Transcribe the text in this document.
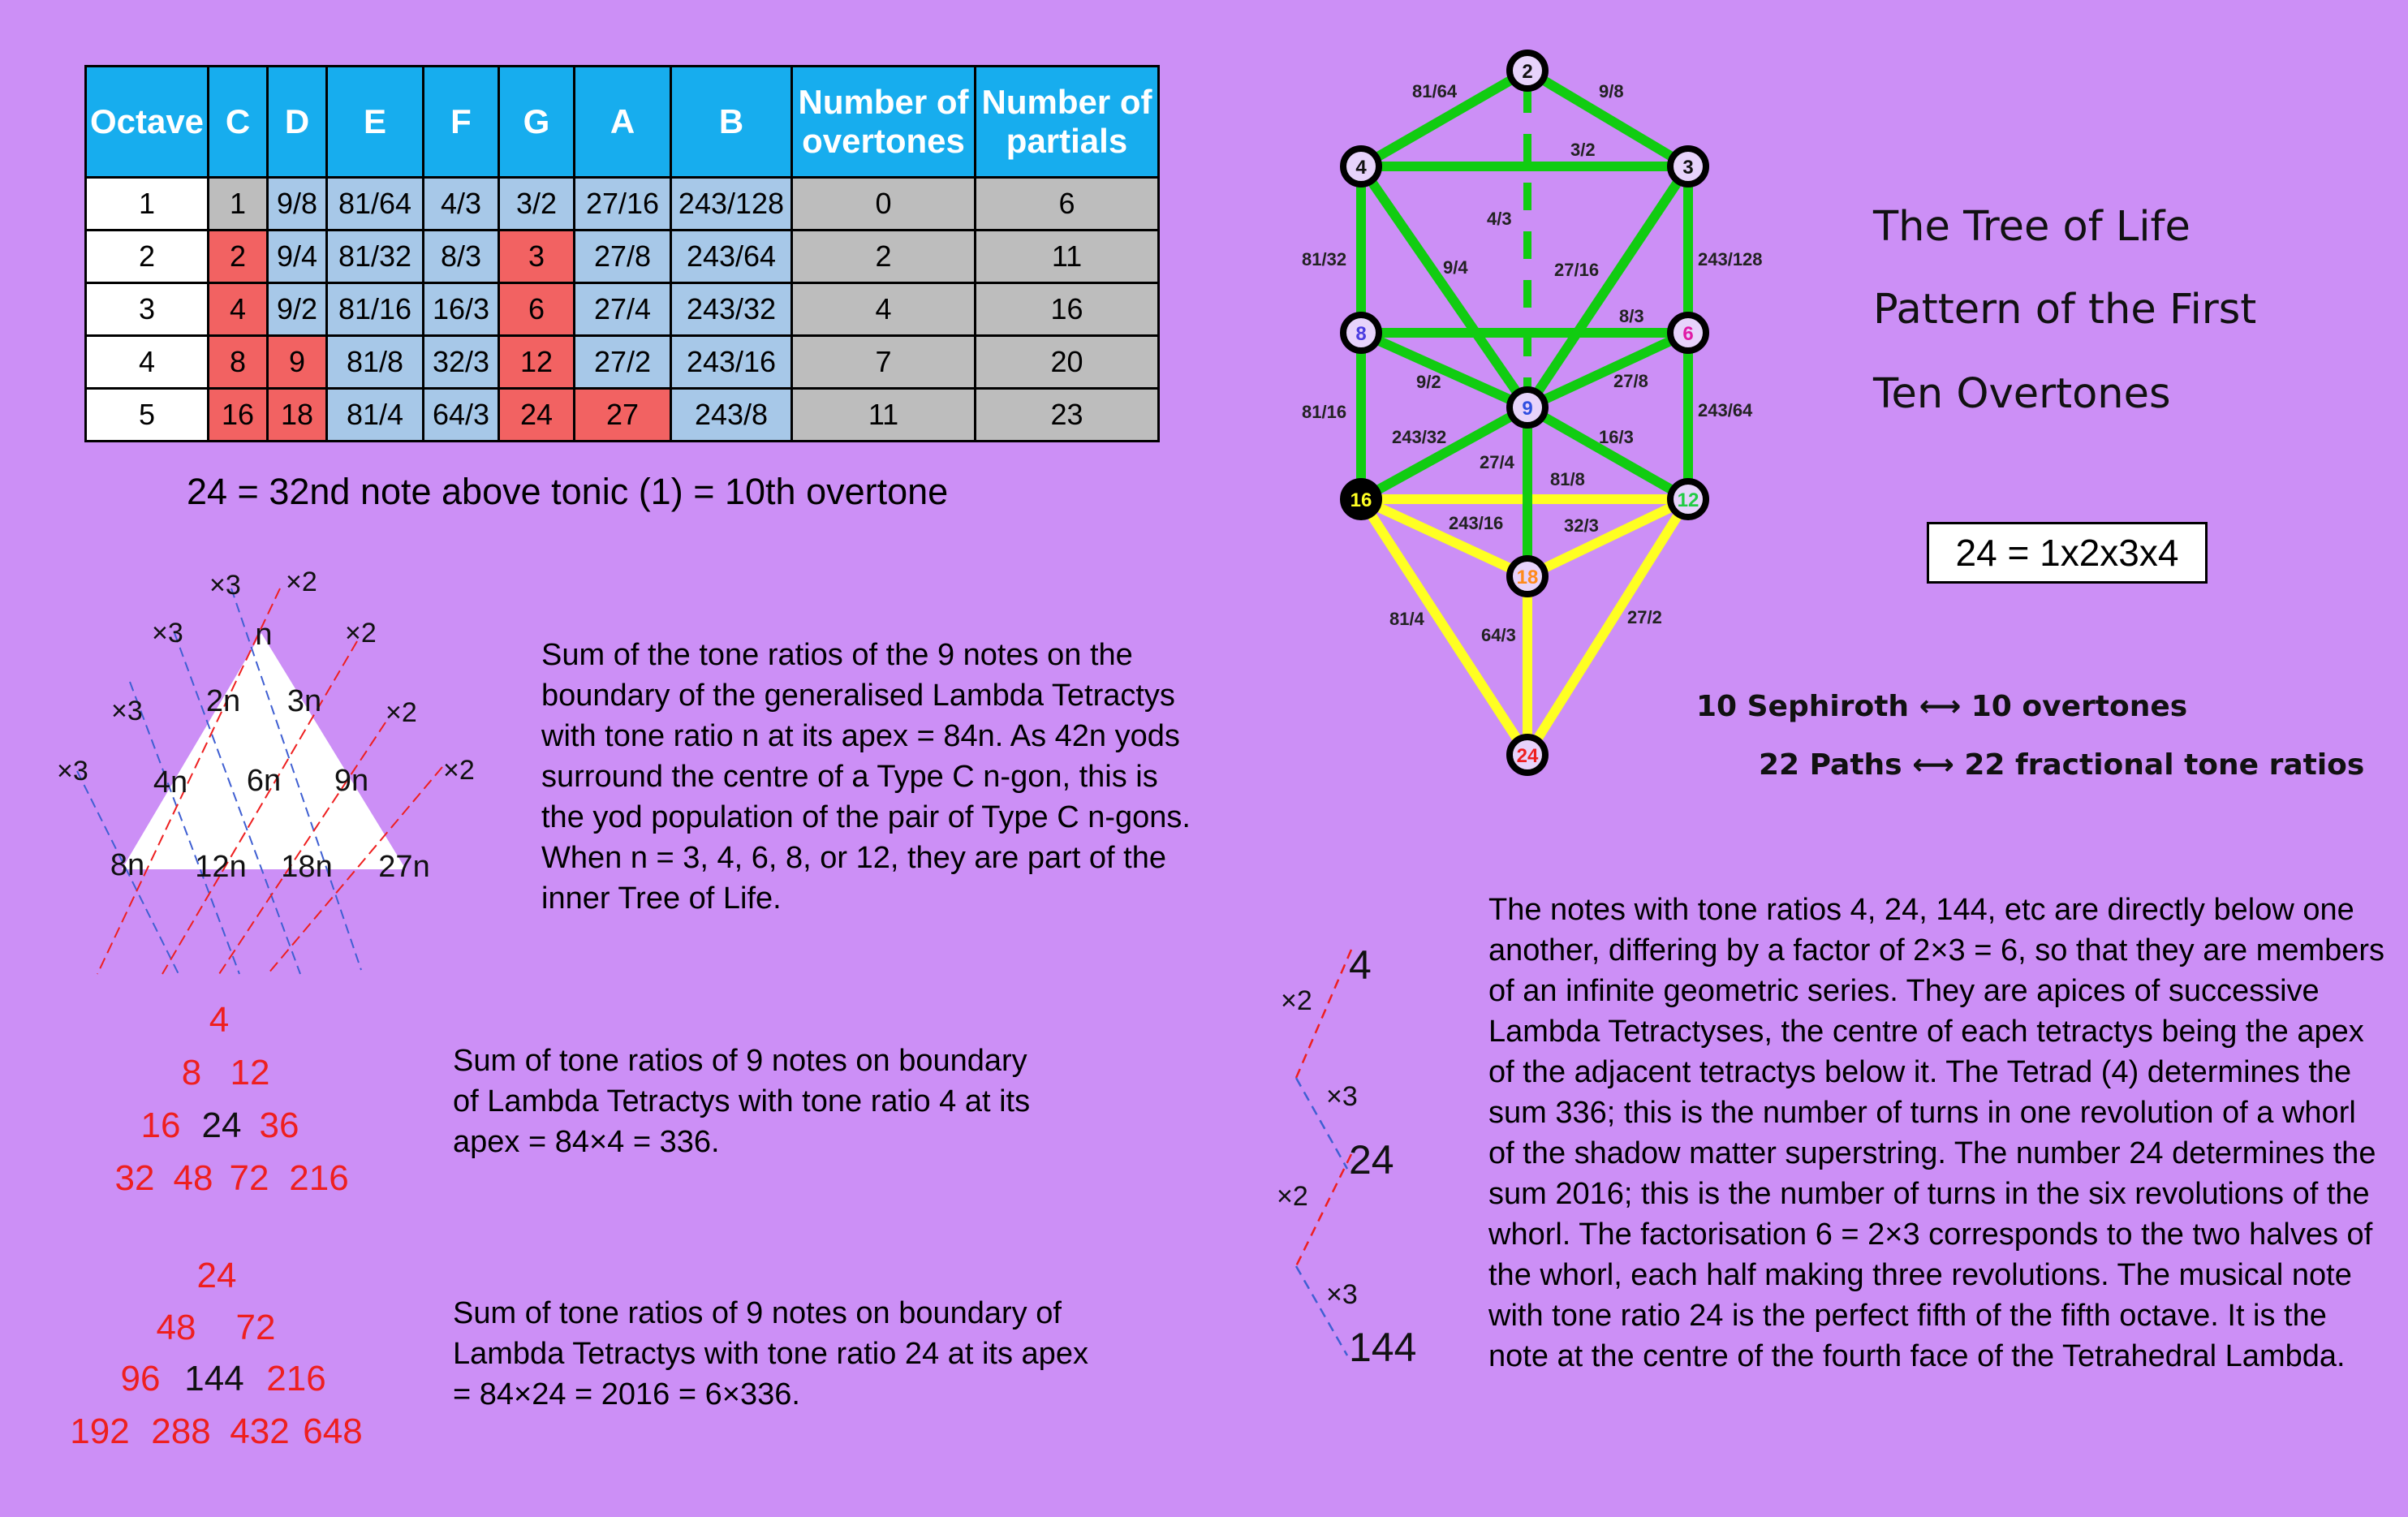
Octave	C	D	E	F	G	A	B	Number of overtones	Number of partials
1	1	9/8	81/64	4/3	3/2	27/16	243/128	0	6
2	2	9/4	81/32	8/3	3	27/8	243/64	2	11
3	4	9/2	81/16	16/3	6	27/4	243/32	4	16
4	8	9	81/8	32/3	12	27/2	243/16	7	20
5	16	18	81/4	64/3	24	27	243/8	11	23
24 = 32nd note above tonic (1) = 10th overtone
×3 ×2
×3	×2
×3	×2
×3	×2
n
2n 3n
4n 6n 9n
8n 12n 18n 27n

Sum of the tone ratios of the 9 notes on the boundary of the generalised Lambda Tetractys with tone ratio n at its apex = 84n. As 42n yods surround the centre of a Type C n-gon, this is the yod population of the pair of Type C n-gons. When n = 3, 4, 6, 8, or 12, they are part of the inner Tree of Life.

4
8 12
16 24 36
32 48 72 216

Sum of tone ratios of 9 notes on boundary of Lambda Tetractys with tone ratio 4 at its apex = 84×4 = 336.

24
48 72
96 144 216
192 288 432 648

Sum of tone ratios of 9 notes on boundary of Lambda Tetractys with tone ratio 24 at its apex = 84×24 = 2016 = 6×336.

81/64	9/8
3/2
4/3
81/32	9/4	27/16
243/128
8/3
9/2	27/8
81/16
243/32	16/3
243/64
27/4
81/8
243/16	32/3
81/4
64/3
27/2
2
4	3
8	6
9
16	12
18
24
The Tree of Life
Pattern of the First
Ten Overtones
24 = 1x2x3x4
10 Sephiroth ⟷ 10 overtones
22 Paths ⟷ 22 fractional tone ratios
×2
×3
×2
×3
4
24
144

The notes with tone ratios 4, 24, 144, etc are directly below one another, differing by a factor of 2×3 = 6, so that they are members of an infinite geometric series. They are apices of successive Lambda Tetractyses, the centre of each tetractys being the apex of the adjacent tetractys below it. The Tetrad (4) determines the sum 336; this is the number of turns in one revolution of a whorl of the shadow matter superstring. The number 24 determines the sum 2016; this is the number of turns in the six revolutions of the whorl. The factorisation 6 = 2×3 corresponds to the two halves of the whorl, each half making three revolutions. The musical note with tone ratio 24 is the perfect fifth of the fifth octave. It is the note at the centre of the fourth face of the Tetrahedral Lambda.
